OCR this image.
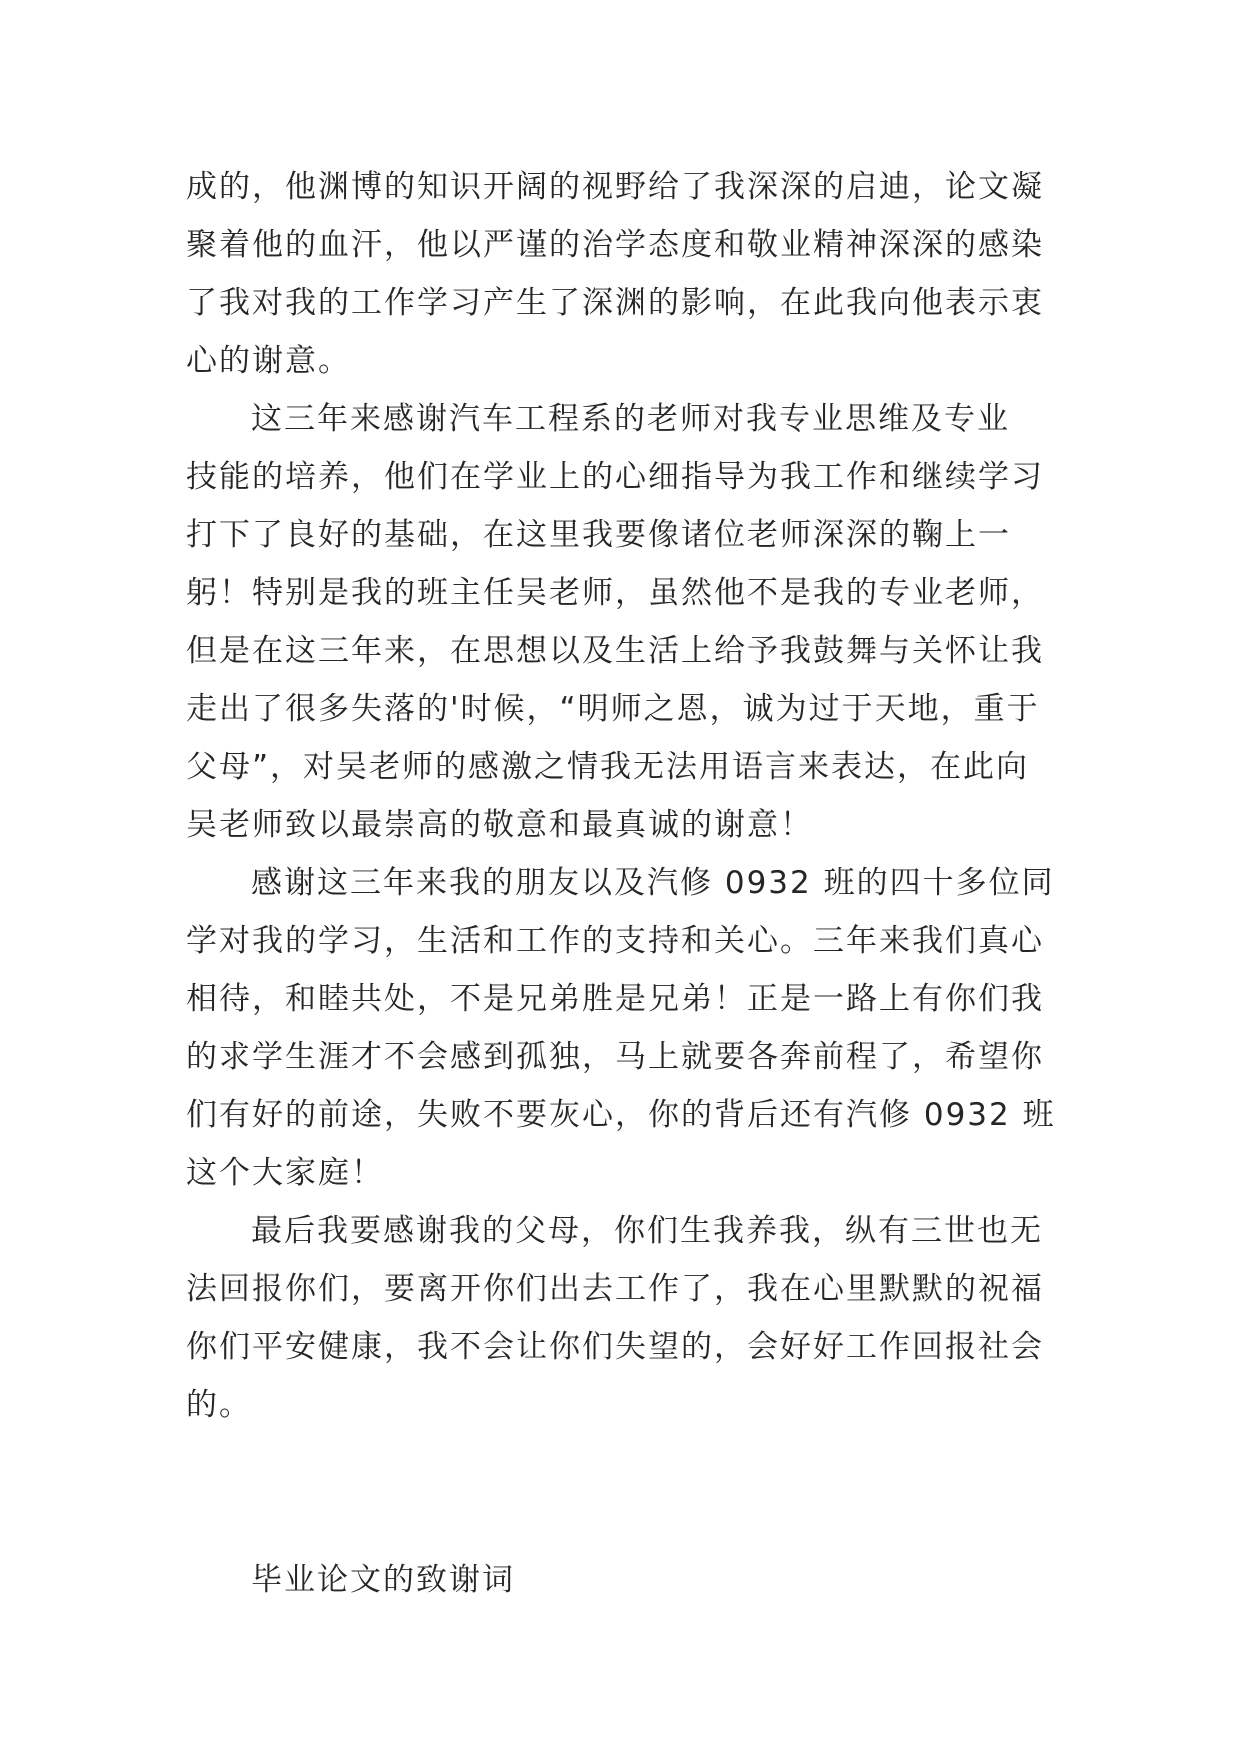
成的，他渊博的知识开阔的视野给了我深深的启迪，论文凝
聚着他的血汗，他以严谨的治学态度和敬业精神深深的感染
了我对我的工作学习产生了深渊的影响，在此我向他表示衷
心的谢意。
这三年来感谢汽车工程系的老师对我专业思维及专业
技能的培养，他们在学业上的心细指导为我工作和继续学习
打下了良好的基础，在这里我要像诸位老师深深的鞠上一
躬！特别是我的班主任吴老师，虽然他不是我的专业老师，
但是在这三年来，在思想以及生活上给予我鼓舞与关怀让我
走出了很多失落的'时候，“明师之恩，诚为过于天地，重于
父母”，对吴老师的感激之情我无法用语言来表达，在此向
吴老师致以最崇高的敬意和最真诚的谢意！
感谢这三年来我的朋友以及汽修 0932 班的四十多位同
学对我的学习，生活和工作的支持和关心。三年来我们真心
相待，和睦共处，不是兄弟胜是兄弟！正是一路上有你们我
的求学生涯才不会感到孤独，马上就要各奔前程了，希望你
们有好的前途，失败不要灰心，你的背后还有汽修 0932 班
这个大家庭！
最后我要感谢我的父母，你们生我养我，纵有三世也无
法回报你们，要离开你们出去工作了，我在心里默默的祝福
你们平安健康，我不会让你们失望的，会好好工作回报社会
的。
毕业论文的致谢词
